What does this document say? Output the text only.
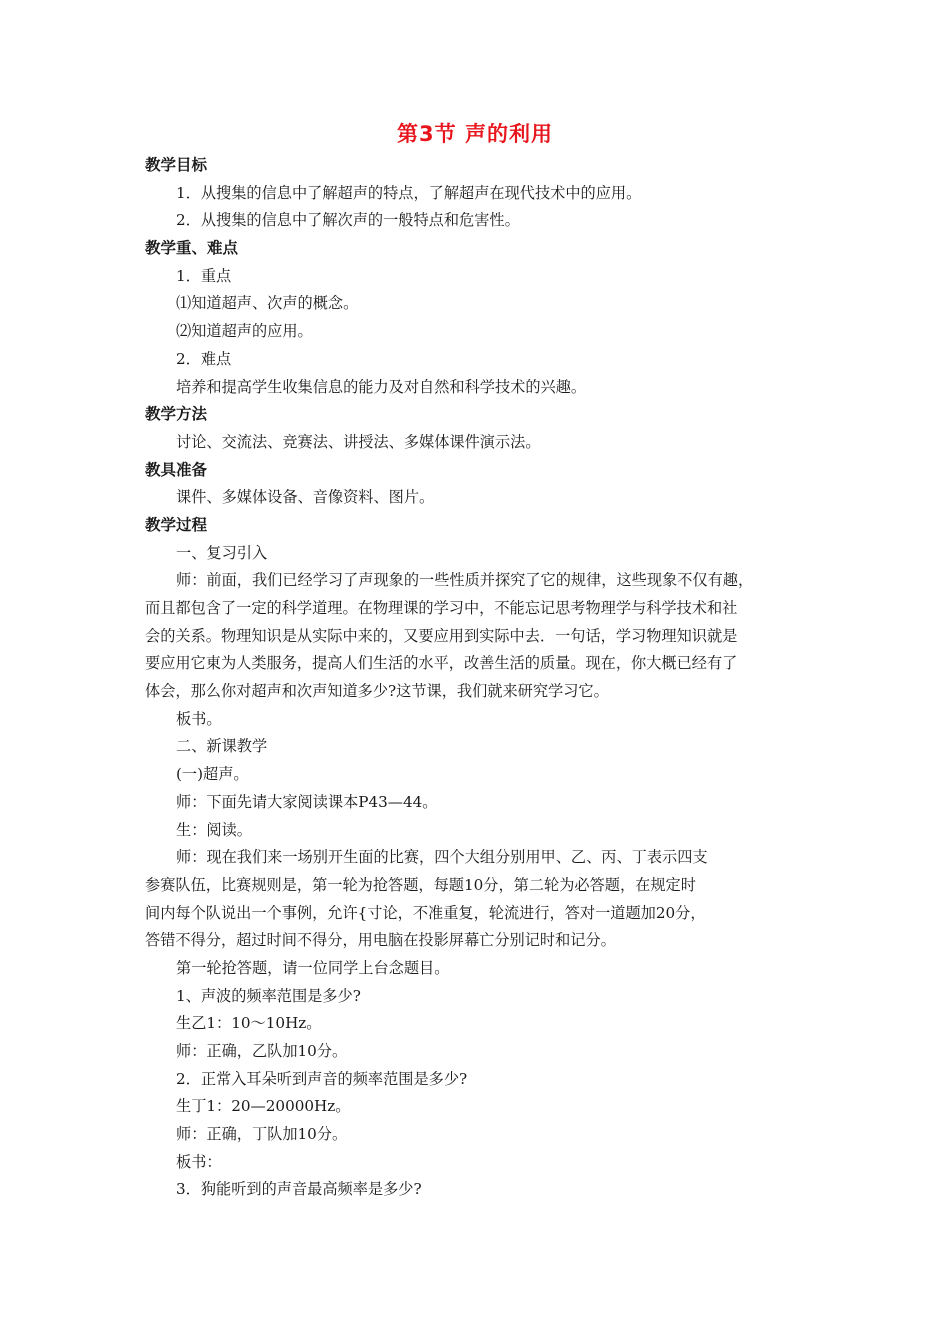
第3节 声的利用
教学目标
1．从搜集的信息中了解超声的特点，了解超声在现代技术中的应用。
2．从搜集的信息中了解次声的一般特点和危害性。
教学重、难点
1．重点
⑴知道超声、次声的概念。
⑵知道超声的应用。
2．难点
培养和提高学生收集信息的能力及对自然和科学技术的兴趣。
教学方法
讨论、交流法、竞赛法、讲授法、多媒体课件演示法。
教具准备
课件、多媒体设备、音像资料、图片。
教学过程
一、复习引入
师：前面，我们已经学习了声现象的一些性质并探究了它的规律，这些现象不仅有趣，
而且都包含了一定的科学道理。在物理课的学习中，不能忘记思考物理学与科学技术和社
会的关系。物理知识是从实际中来的，又要应用到实际中去．一句话，学习物理知识就是
要应用它東为人类服务，提高人们生活的水平，改善生活的质量。现在，你大概已经有了
体会，那么你对超声和次声知道多少?这节课，我们就来研究学习它。
板书。
二、新课教学
(一)超声。
师：下面先请大家阅读课本P43—44。
生：阅读。
师：现在我们来一场别开生面的比赛，四个大组分别用甲、乙、丙、丁表示四支
参赛队伍，比赛规则是，第一轮为抢答题，每题10分，第二轮为必答题，在规定时
间内每个队说出一个事例，允许{寸论，不准重复，轮流进行，答对一道题加20分，
答错不得分，超过时间不得分，用电脑在投影屏幕亡分别记时和记分。
第一轮抢答题，请一位同学上台念题目。
1、声波的频率范围是多少?
生乙1：10～10Hz。
师：正确，乙队加10分。
2．正常入耳朵听到声音的频率范围是多少?
生丁1：20—20000Hz。
师：正确，丁队加10分。
板书：
3．狗能听到的声音最高频率是多少?
